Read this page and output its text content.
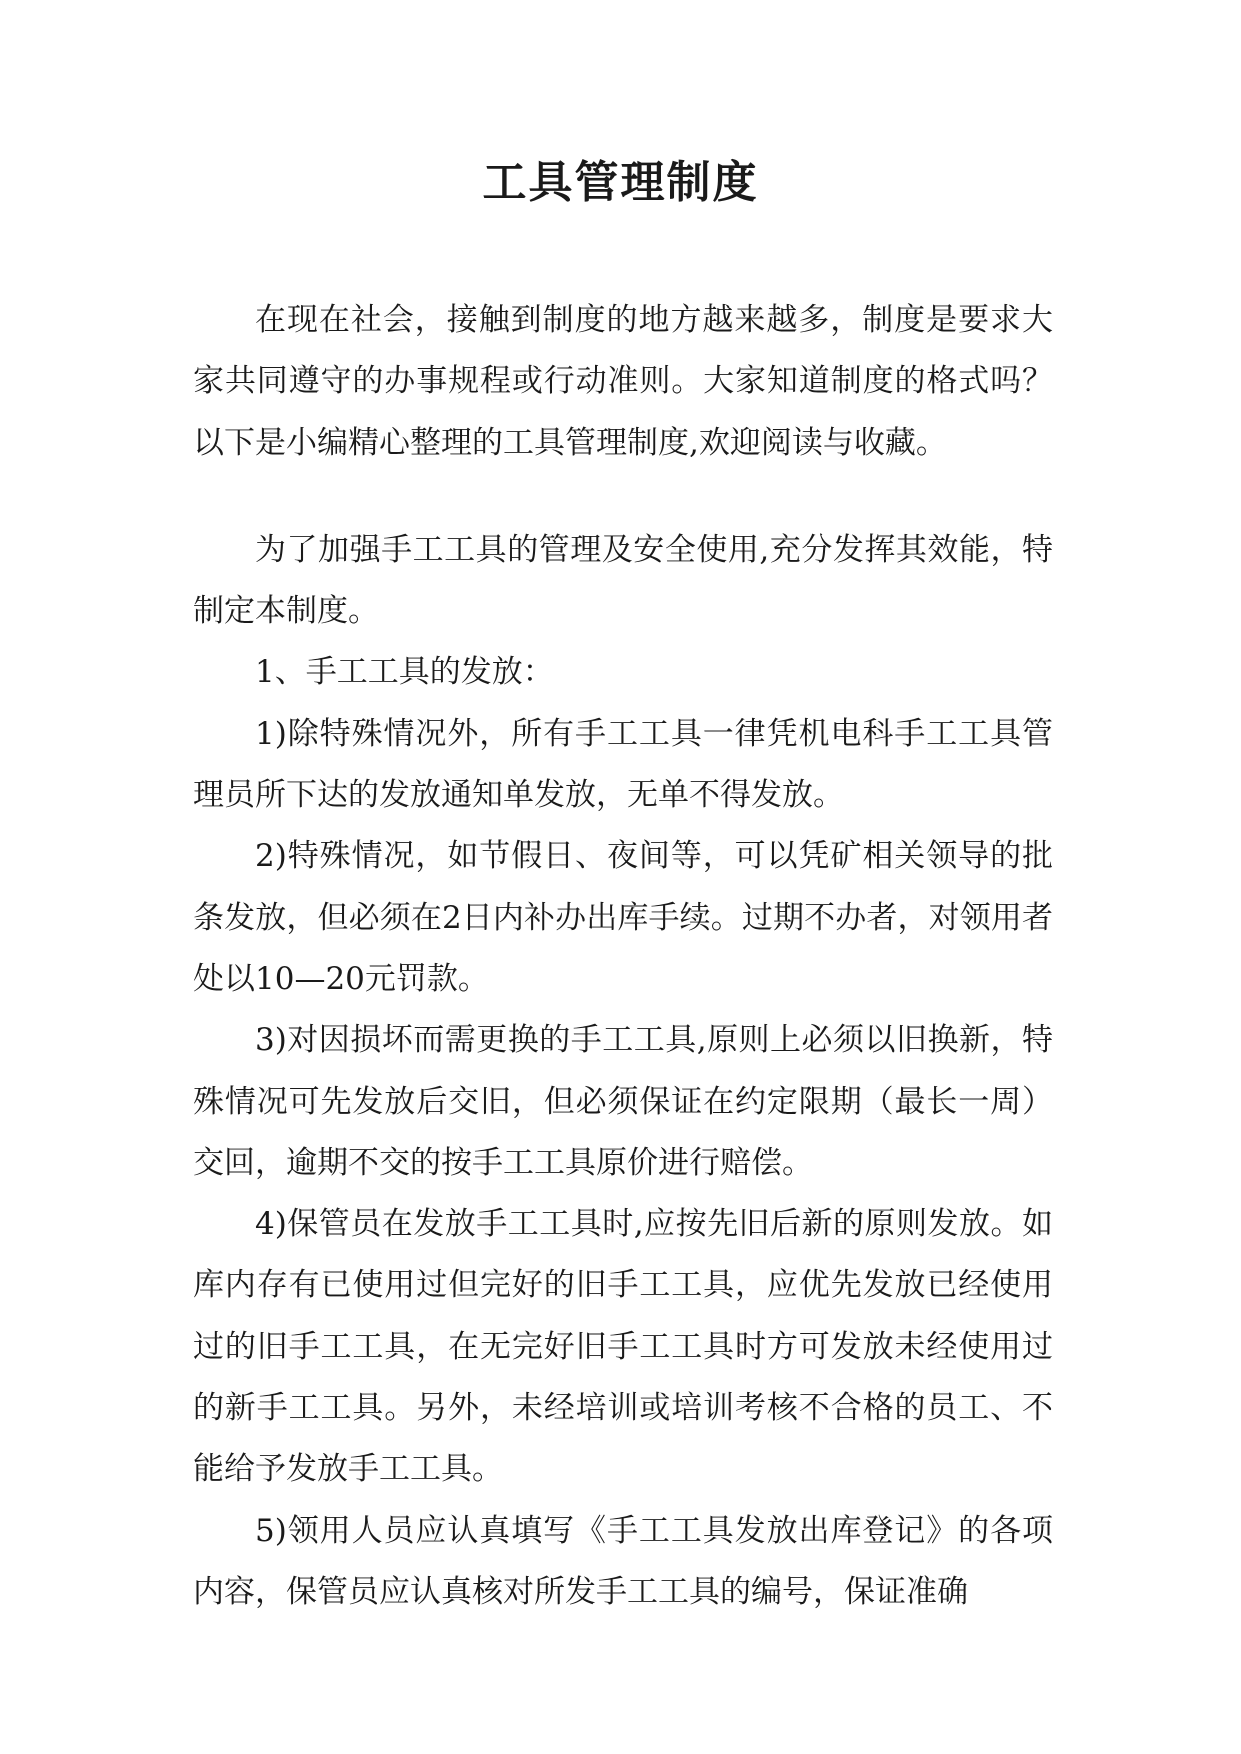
工具管理制度

在现在社会，接触到制度的地方越来越多，制度是要求大家共同遵守的办事规程或行动准则。大家知道制度的格式吗？以下是小编精心整理的工具管理制度,欢迎阅读与收藏。

为了加强手工工具的管理及安全使用,充分发挥其效能，特制定本制度。

1、手工工具的发放：

1)除特殊情况外，所有手工工具一律凭机电科手工工具管理员所下达的发放通知单发放，无单不得发放。

2)特殊情况，如节假日、夜间等，可以凭矿相关领导的批条发放，但必须在2日内补办出库手续。过期不办者，对领用者处以10—20元罚款。

3)对因损坏而需更换的手工工具,原则上必须以旧换新，特殊情况可先发放后交旧，但必须保证在约定限期（最长一周）交回，逾期不交的按手工工具原价进行赔偿。

4)保管员在发放手工工具时,应按先旧后新的原则发放。如库内存有已使用过但完好的旧手工工具，应优先发放已经使用过的旧手工工具，在无完好旧手工工具时方可发放未经使用过的新手工工具。另外，未经培训或培训考核不合格的员工、不能给予发放手工工具。

5)领用人员应认真填写《手工工具发放出库登记》的各项内容，保管员应认真核对所发手工工具的编号，保证准确
